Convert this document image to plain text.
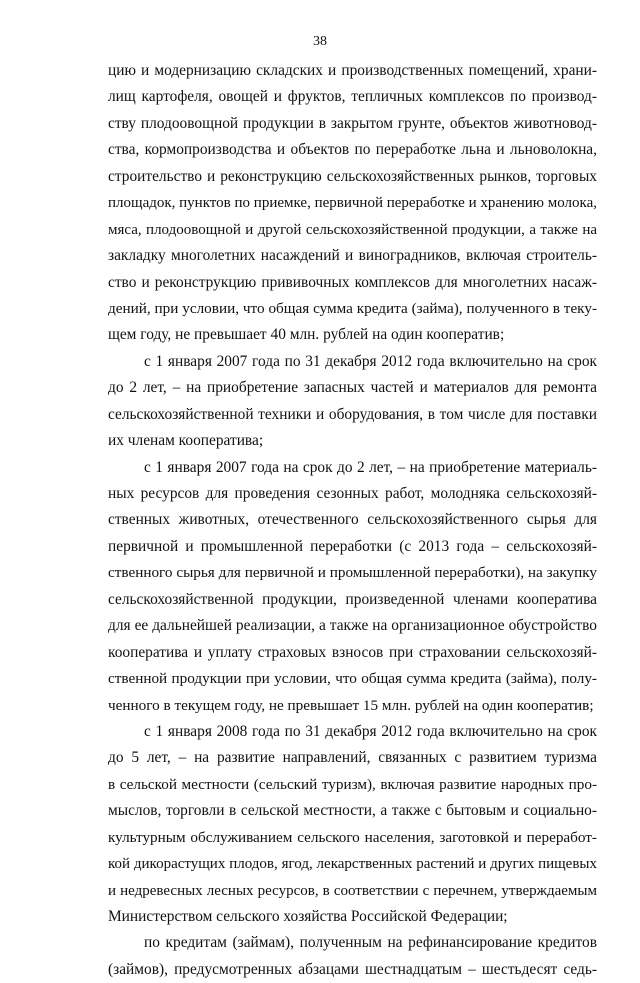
38
цию и модернизацию складских и производственных помещений, храни-
лищ картофеля, овощей и фруктов, тепличных комплексов по производ-
ству плодоовощной продукции в закрытом грунте, объектов животновод-
ства, кормопроизводства и объектов по переработке льна и льноволокна,
строительство и реконструкцию сельскохозяйственных рынков, торговых
площадок, пунктов по приемке, первичной переработке и хранению молока,
мяса, плодоовощной и другой сельскохозяйственной продукции, а также на
закладку многолетних насаждений и виноградников, включая строитель-
ство и реконструкцию прививочных комплексов для многолетних насаж-
дений, при условии, что общая сумма кредита (займа), полученного в теку-
щем году, не превышает 40 млн. рублей на один кооператив;
с 1 января 2007 года по 31 декабря 2012 года включительно на срок
до 2 лет, – на приобретение запасных частей и материалов для ремонта
сельскохозяйственной техники и оборудования, в том числе для поставки
их членам кооператива;
с 1 января 2007 года на срок до 2 лет, – на приобретение материаль-
ных ресурсов для проведения сезонных работ, молодняка сельскохозяй-
ственных животных, отечественного сельскохозяйственного сырья для
первичной и промышленной переработки (с 2013 года – сельскохозяй-
ственного сырья для первичной и промышленной переработки), на закупку
сельскохозяйственной продукции, произведенной членами кооператива
для ее дальнейшей реализации, а также на организационное обустройство
кооператива и уплату страховых взносов при страховании сельскохозяй-
ственной продукции при условии, что общая сумма кредита (займа), полу-
ченного в текущем году, не превышает 15 млн. рублей на один кооператив;
с 1 января 2008 года по 31 декабря 2012 года включительно на срок
до 5 лет, – на развитие направлений, связанных с развитием туризма
в сельской местности (сельский туризм), включая развитие народных про-
мыслов, торговли в сельской местности, а также с бытовым и социально-
культурным обслуживанием сельского населения, заготовкой и переработ-
кой дикорастущих плодов, ягод, лекарственных растений и других пищевых
и недревесных лесных ресурсов, в соответствии с перечнем, утверждаемым
Министерством сельского хозяйства Российской Федерации;
по кредитам (займам), полученным на рефинансирование кредитов
(займов), предусмотренных абзацами шестнадцатым – шестьдесят седь-
